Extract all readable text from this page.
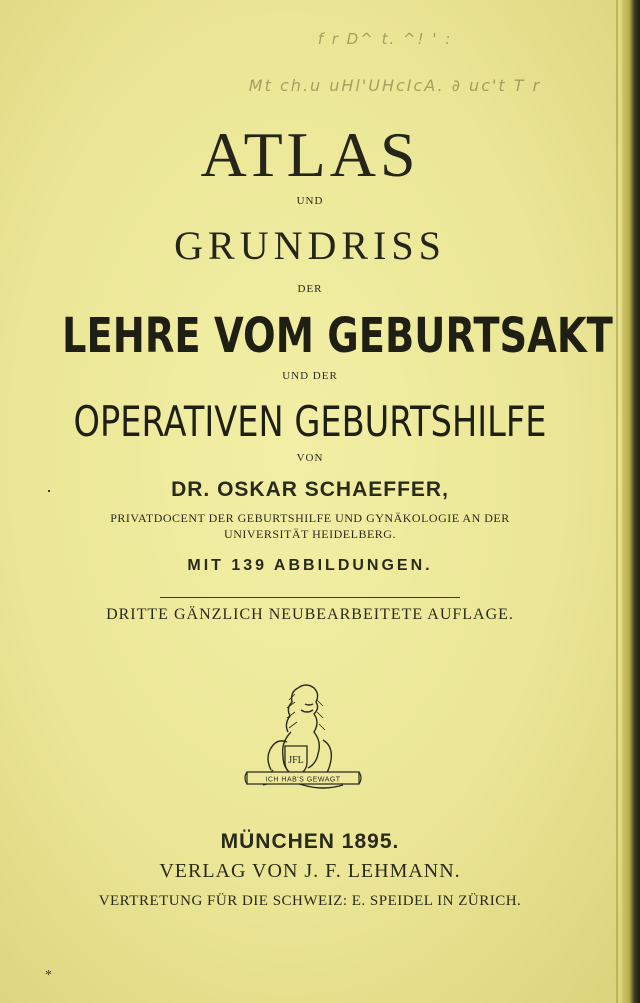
f r D^ t. ^! ' :
Mt ch.u uHl'UHcIcA. ∂ uc't T r
ATLAS
UND
GRUNDRISS
DER
LEHRE VOM GEBURTSAKT
UND DER
OPERATIVEN GEBURTSHILFE
VON
DR. OSKAR SCHAEFFER,
PRIVATDOCENT DER GEBURTSHILFE UND GYNÄKOLOGIE AN DER
UNIVERSITÄT HEIDELBERG.
MIT 139 ABBILDUNGEN.
DRITTE GÄNZLICH NEUBEARBEITETE AUFLAGE.
JFL
ICH HAB'S GEWAGT
MÜNCHEN 1895.
VERLAG VON J. F. LEHMANN.
VERTRETUNG FÜR DIE SCHWEIZ: E. SPEIDEL IN ZÜRICH.
*
